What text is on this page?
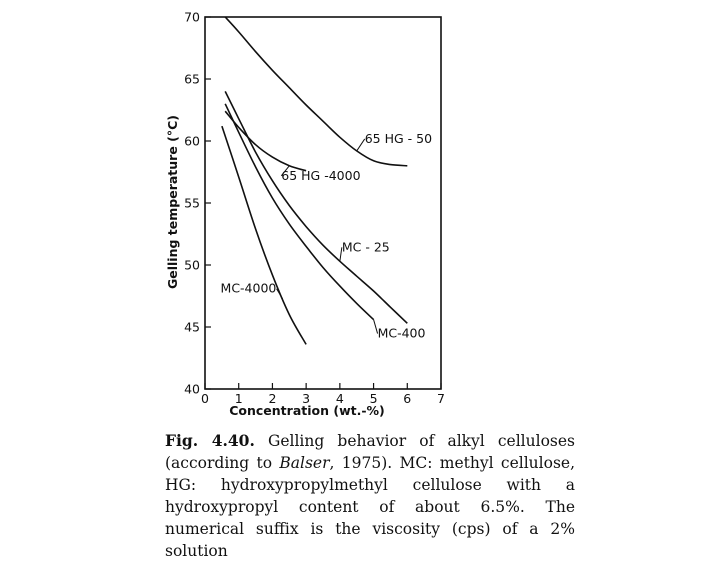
40
45
50
55
60
65
70
0 1 2 3 4 5 6 7
65 HG - 50
65 HG -4000
MC - 25
MC-400
MC-4000
Gelling temperature (°C)
Concentration (wt.-%)
Fig. 4.40. Gelling behavior of alkyl celluloses (according to Balser, 1975). MC: methyl cellulose, HG: hydroxypropylmethyl cellulose with a hydroxypropyl content of about 6.5%. The numerical suffix is the viscosity (cps) of a 2% solution
